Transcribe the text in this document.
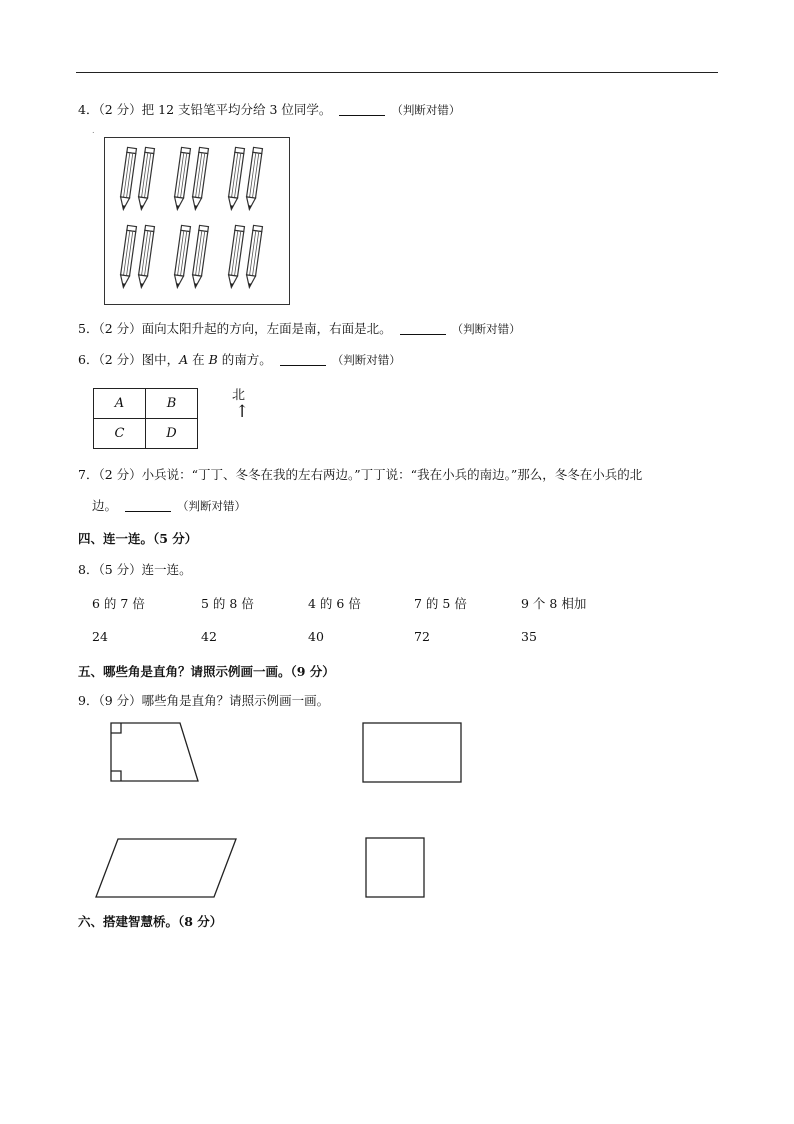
4．（2 分）把 12 支铅笔平均分给 3 位同学。	（判断对错）
.
5．（2 分）面向太阳升起的方向，左面是南，右面是北。	（判断对错）
6．（2 分）图中，A 在 B 的南方。	（判断对错）
A	B
C	D
北
↑
7．（2 分）小兵说：“丁丁、冬冬在我的左右两边。”丁丁说：“我在小兵的南边。”那么，冬冬在小兵的北
边。	（判断对错）
四、连一连。（5 分）
8．（5 分）连一连。
6 的 7 倍	5 的 8 倍	4 的 6 倍	7 的 5 倍	9 个 8 相加
24	42	40	72	35
五、哪些角是直角？请照示例画一画。（9 分）
9．（9 分）哪些角是直角？请照示例画一画。
六、搭建智慧桥。（8 分）
